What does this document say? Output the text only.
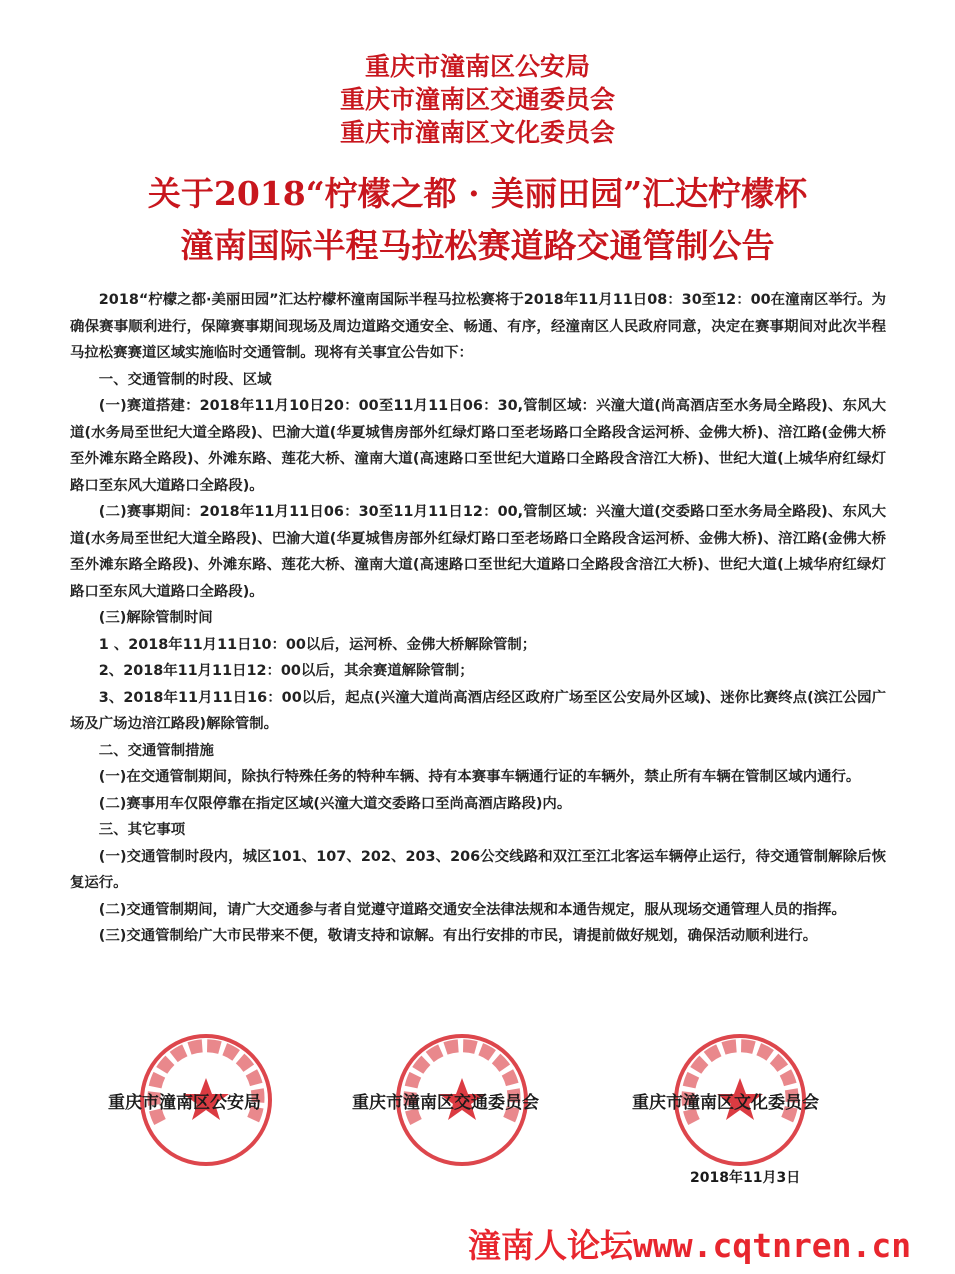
重庆市潼南区公安局
重庆市潼南区交通委员会
重庆市潼南区文化委员会
关于2018“柠檬之都 · 美丽田园”汇达柠檬杯
潼南国际半程马拉松赛道路交通管制公告

2018“柠檬之都·美丽田园”汇达柠檬杯潼南国际半程马拉松赛将于2018年11月11日08：30至12：00在潼南区举行。为确保赛事顺利进行，保障赛事期间现场及周边道路交通安全、畅通、有序，经潼南区人民政府同意，决定在赛事期间对此次半程马拉松赛赛道区域实施临时交通管制。现将有关事宜公告如下：

一、交通管制的时段、区域

(一)赛道搭建：2018年11月10日20：00至11月11日06：30,管制区域：兴潼大道(尚高酒店至水务局全路段)、东风大道(水务局至世纪大道全路段)、巴渝大道(华夏城售房部外红绿灯路口至老场路口全路段含运河桥、金佛大桥)、涪江路(金佛大桥至外滩东路全路段)、外滩东路、莲花大桥、潼南大道(高速路口至世纪大道路口全路段含涪江大桥)、世纪大道(上城华府红绿灯路口至东风大道路口全路段)。

(二)赛事期间：2018年11月11日06：30至11月11日12：00,管制区域：兴潼大道(交委路口至水务局全路段)、东风大道(水务局至世纪大道全路段)、巴渝大道(华夏城售房部外红绿灯路口至老场路口全路段含运河桥、金佛大桥)、涪江路(金佛大桥至外滩东路全路段)、外滩东路、莲花大桥、潼南大道(高速路口至世纪大道路口全路段含涪江大桥)、世纪大道(上城华府红绿灯路口至东风大道路口全路段)。

(三)解除管制时间

1 、2018年11月11日10：00以后，运河桥、金佛大桥解除管制；

2、2018年11月11日12：00以后，其余赛道解除管制；

3、2018年11月11日16：00以后，起点(兴潼大道尚高酒店经区政府广场至区公安局外区域)、迷你比赛终点(滨江公园广场及广场边涪江路段)解除管制。

二、交通管制措施

(一)在交通管制期间，除执行特殊任务的特种车辆、持有本赛事车辆通行证的车辆外，禁止所有车辆在管制区域内通行。

(二)赛事用车仅限停靠在指定区域(兴潼大道交委路口至尚高酒店路段)内。

三、其它事项

(一)交通管制时段内，城区101、107、202、203、206公交线路和双江至江北客运车辆停止运行，待交通管制解除后恢复运行。

(二)交通管制期间，请广大交通参与者自觉遵守道路交通安全法律法规和本通告规定，服从现场交通管理人员的指挥。

(三)交通管制给广大市民带来不便，敬请支持和谅解。有出行安排的市民，请提前做好规划，确保活动顺利进行。

重庆市潼南区公安局	重庆市潼南区交通委员会	重庆市潼南区文化委员会
2018年11月3日
潼南人论坛www.cqtnren.cn
